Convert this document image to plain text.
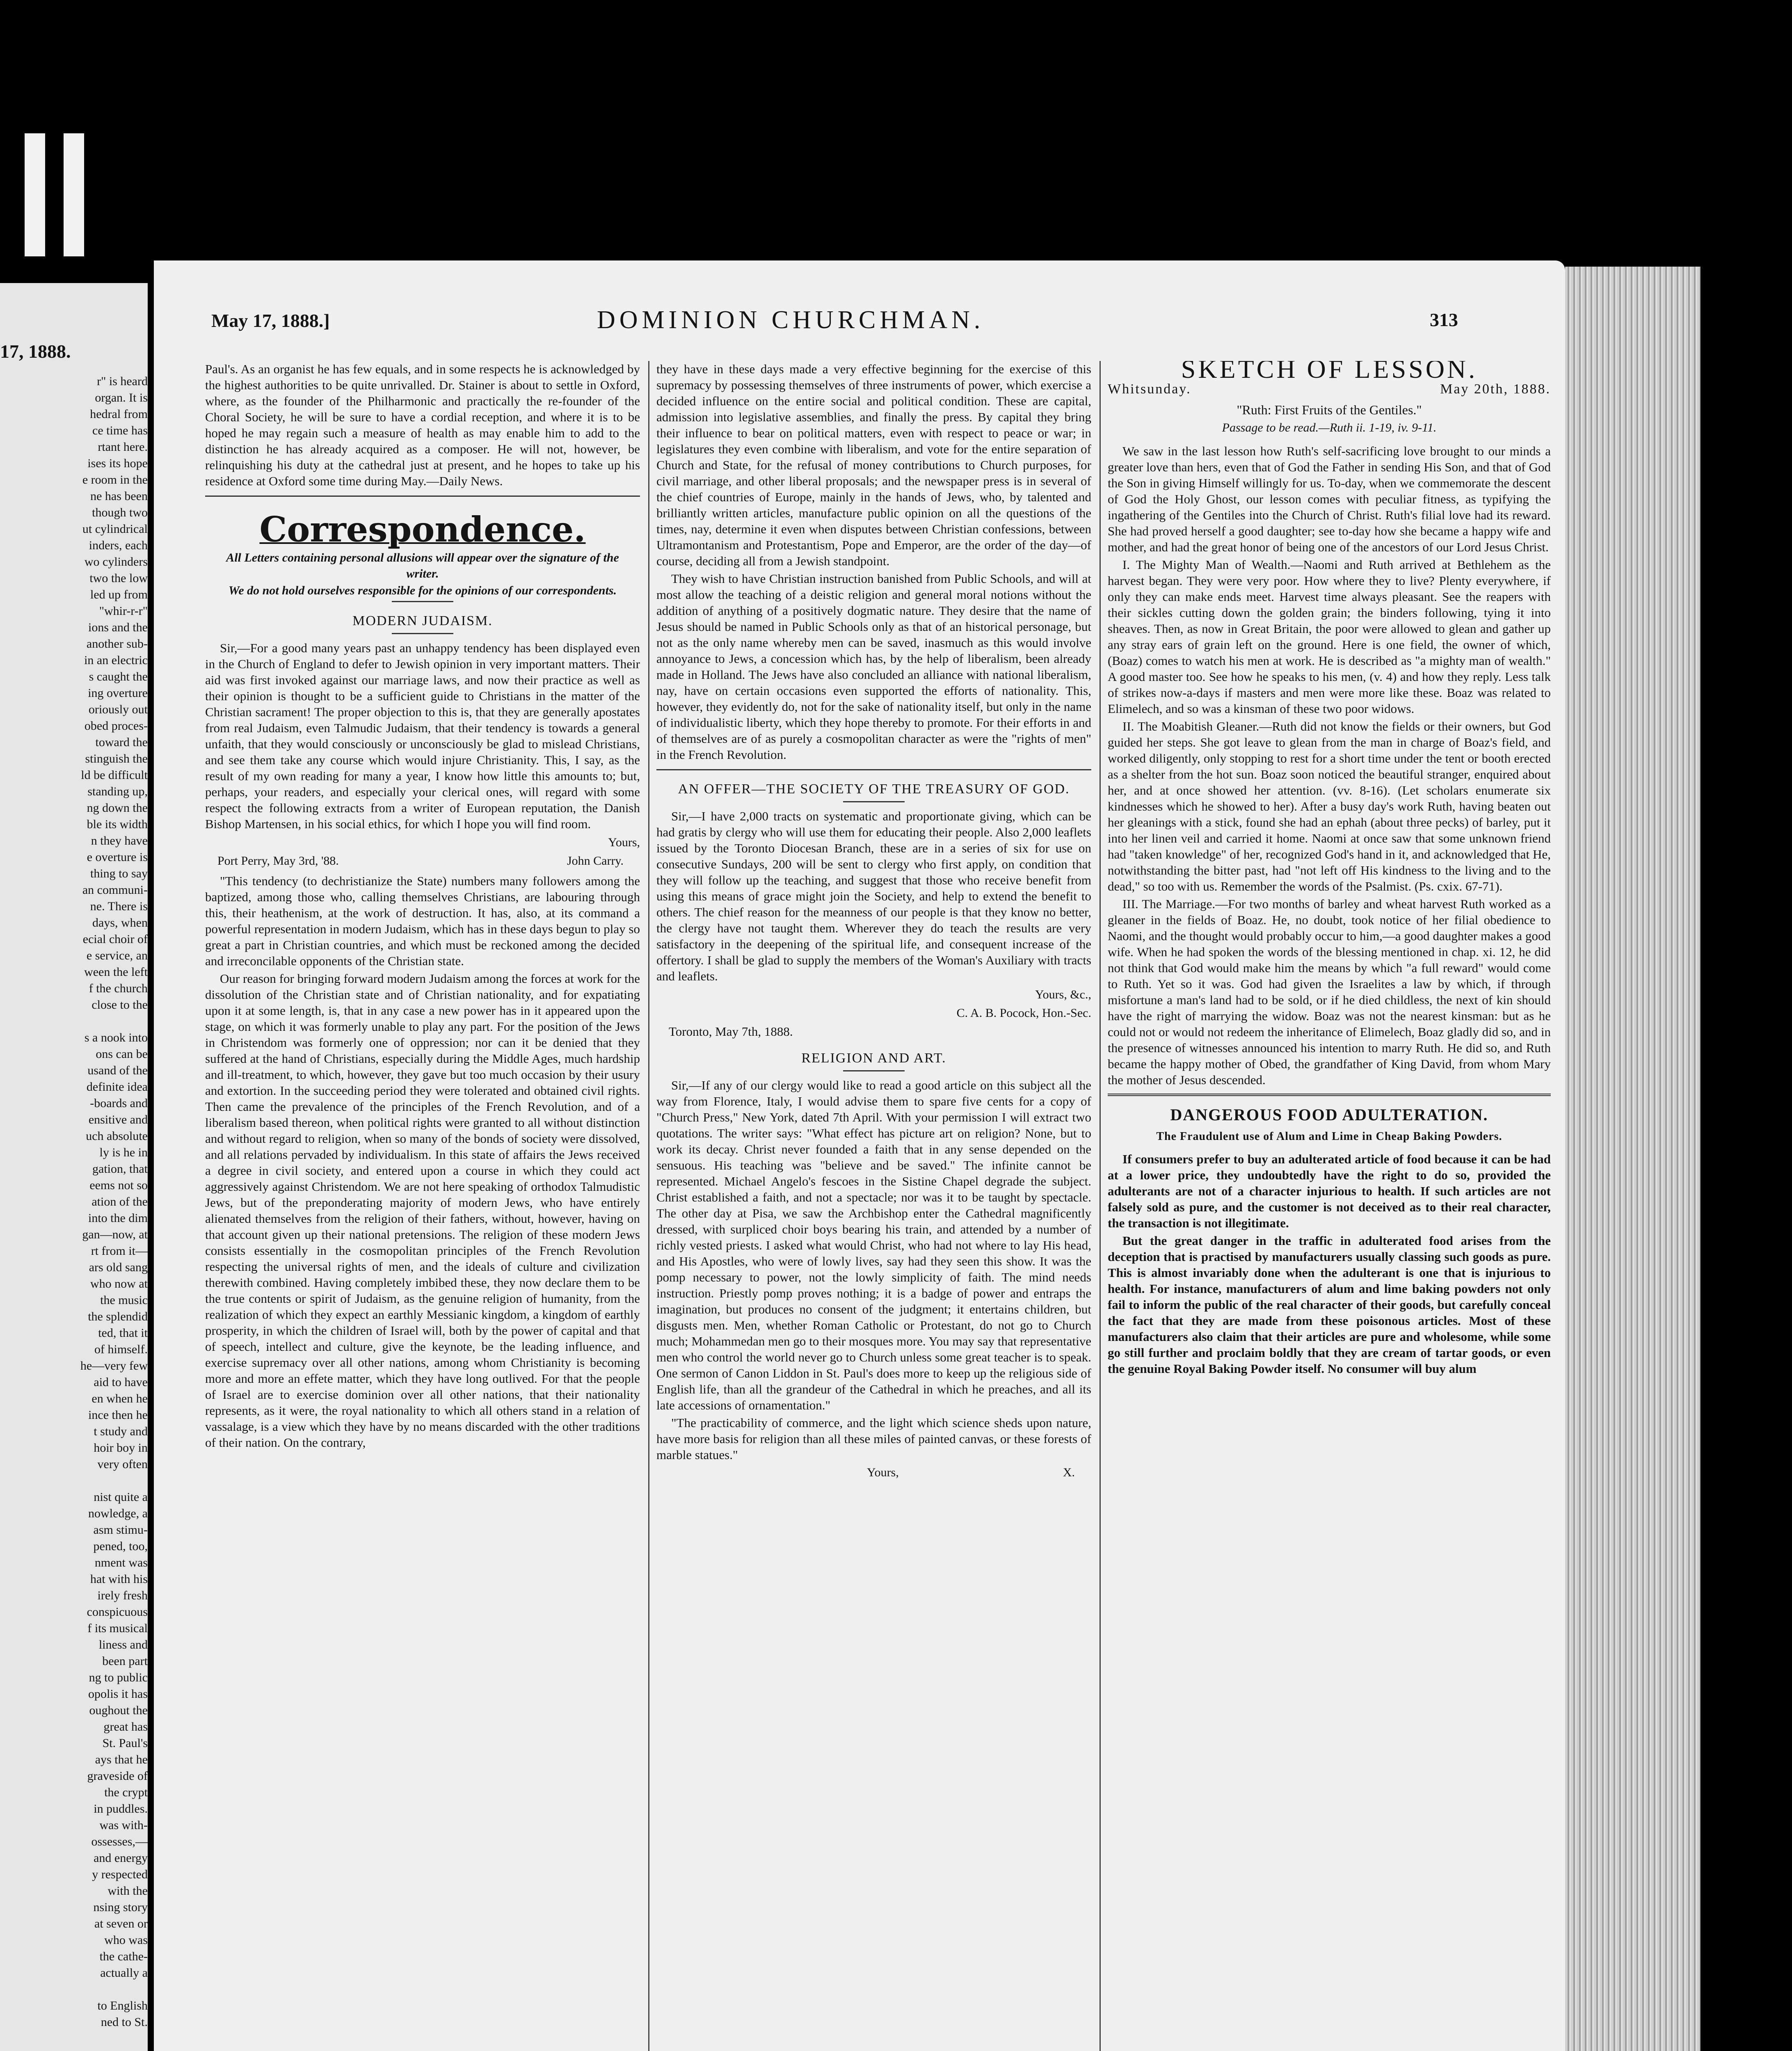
17, 1888.
r" is heard
organ. It is
hedral from
ce time has
rtant here.
ises its hope
e room in the
ne has been
though two
ut cylindrical
inders, each
wo cylinders
two the low
led up from
"whir-r-r"
ions and the
another sub-
in an electric
s caught the
ing overture
oriously out
obed proces-
toward the
stinguish the
ld be difficult
standing up,
ng down the
ble its width
n they have
e overture is
thing to say
an communi-
ne. There is
days, when
ecial choir of
e service, an
ween the left
f the church
close to the

s a nook into
ons can be
usand of the
definite idea
-boards and
ensitive and
uch absolute
ly is he in
gation, that
eems not so
ation of the
into the dim
gan—now, at
rt from it—
ars old sang
who now at
the music
the splendid
ted, that it
of himself.
he—very few
aid to have
en when he
ince then he
t study and
hoir boy in
very often

nist quite a
nowledge, a
asm stimu-
pened, too,
nment was
hat with his
irely fresh
conspicuous
f its musical
liness and
been part
ng to public
opolis it has
oughout the
great has
St. Paul's
ays that he
graveside of
the crypt
in puddles.
was with-
ossesses,—
and energy
y respected
with the
nsing story
at seven or
who was
the cathe-
actually a

to English
ned to St.
May 17, 1888.]	DOMINION CHURCHMAN.	313

Paul's. As an organist he has few equals, and in some respects he is acknowledged by the highest authorities to be quite unrivalled. Dr. Stainer is about to settle in Oxford, where, as the founder of the Philharmonic and practically the re-founder of the Choral Society, he will be sure to have a cordial reception, and where it is to be hoped he may regain such a measure of health as may enable him to add to the distinction he has already acquired as a composer. He will not, however, be relinquishing his duty at the cathedral just at present, and he hopes to take up his residence at Oxford some time during May.—Daily News.

Correspondence.
All Letters containing personal allusions will appear over the signature of the writer.
We do not hold ourselves responsible for the opinions of our correspondents.
MODERN JUDAISM.

Sir,—For a good many years past an unhappy tendency has been displayed even in the Church of England to defer to Jewish opinion in very important matters. Their aid was first invoked against our marriage laws, and now their practice as well as their opinion is thought to be a sufficient guide to Christians in the matter of the Christian sacrament! The proper objection to this is, that they are generally apostates from real Judaism, even Talmudic Judaism, that their tendency is towards a general unfaith, that they would consciously or unconsciously be glad to mislead Christians, and see them take any course which would injure Christianity. This, I say, as the result of my own reading for many a year, I know how little this amounts to; but, perhaps, your readers, and especially your clerical ones, will regard with some respect the following extracts from a writer of European reputation, the Danish Bishop Martensen, in his social ethics, for which I hope you will find room.

Yours,
Port Perry, May 3rd, '88.	John Carry.

"This tendency (to dechristianize the State) numbers many followers among the baptized, among those who, calling themselves Christians, are labouring through this, their heathenism, at the work of destruction. It has, also, at its command a powerful representation in modern Judaism, which has in these days begun to play so great a part in Christian countries, and which must be reckoned among the decided and irreconcilable opponents of the Christian state.

Our reason for bringing forward modern Judaism among the forces at work for the dissolution of the Christian state and of Christian nationality, and for expatiating upon it at some length, is, that in any case a new power has in it appeared upon the stage, on which it was formerly unable to play any part. For the position of the Jews in Christendom was formerly one of oppression; nor can it be denied that they suffered at the hand of Christians, especially during the Middle Ages, much hardship and ill-treatment, to which, however, they gave but too much occasion by their usury and extortion. In the succeeding period they were tolerated and obtained civil rights. Then came the prevalence of the principles of the French Revolution, and of a liberalism based thereon, when political rights were granted to all without distinction and without regard to religion, when so many of the bonds of society were dissolved, and all relations pervaded by individualism. In this state of affairs the Jews received a degree in civil society, and entered upon a course in which they could act aggressively against Christendom. We are not here speaking of orthodox Talmudistic Jews, but of the preponderating majority of modern Jews, who have entirely alienated themselves from the religion of their fathers, without, however, having on that account given up their national pretensions. The religion of these modern Jews consists essentially in the cosmopolitan principles of the French Revolution respecting the universal rights of men, and the ideals of culture and civilization therewith combined. Having completely imbibed these, they now declare them to be the true contents or spirit of Judaism, as the genuine religion of humanity, from the realization of which they expect an earthly Messianic kingdom, a kingdom of earthly prosperity, in which the children of Israel will, both by the power of capital and that of speech, intellect and culture, give the keynote, be the leading influence, and exercise supremacy over all other nations, among whom Christianity is becoming more and more an effete matter, which they have long outlived. For that the people of Israel are to exercise dominion over all other nations, that their nationality represents, as it were, the royal nationality to which all others stand in a relation of vassalage, is a view which they have by no means discarded with the other traditions of their nation. On the contrary,

they have in these days made a very effective beginning for the exercise of this supremacy by possessing themselves of three instruments of power, which exercise a decided influence on the entire social and political condition. These are capital, admission into legislative assemblies, and finally the press. By capital they bring their influence to bear on political matters, even with respect to peace or war; in legislatures they even combine with liberalism, and vote for the entire separation of Church and State, for the refusal of money contributions to Church purposes, for civil marriage, and other liberal proposals; and the newspaper press is in several of the chief countries of Europe, mainly in the hands of Jews, who, by talented and brilliantly written articles, manufacture public opinion on all the questions of the times, nay, determine it even when disputes between Christian confessions, between Ultramontanism and Protestantism, Pope and Emperor, are the order of the day—of course, deciding all from a Jewish standpoint.

They wish to have Christian instruction banished from Public Schools, and will at most allow the teaching of a deistic religion and general moral notions without the addition of anything of a positively dogmatic nature. They desire that the name of Jesus should be named in Public Schools only as that of an historical personage, but not as the only name whereby men can be saved, inasmuch as this would involve annoyance to Jews, a concession which has, by the help of liberalism, been already made in Holland. The Jews have also concluded an alliance with national liberalism, nay, have on certain occasions even supported the efforts of nationality. This, however, they evidently do, not for the sake of nationality itself, but only in the name of individualistic liberty, which they hope thereby to promote. For their efforts in and of themselves are of as purely a cosmopolitan character as were the "rights of men" in the French Revolution.

AN OFFER—THE SOCIETY OF THE TREASURY OF GOD.

Sir,—I have 2,000 tracts on systematic and proportionate giving, which can be had gratis by clergy who will use them for educating their people. Also 2,000 leaflets issued by the Toronto Diocesan Branch, these are in a series of six for use on consecutive Sundays, 200 will be sent to clergy who first apply, on condition that they will follow up the teaching, and suggest that those who receive benefit from using this means of grace might join the Society, and help to extend the benefit to others. The chief reason for the meanness of our people is that they know no better, the clergy have not taught them. Wherever they do teach the results are very satisfactory in the deepening of the spiritual life, and consequent increase of the offertory. I shall be glad to supply the members of the Woman's Auxiliary with tracts and leaflets.

Yours, &c.,
C. A. B. Pocock, Hon.-Sec.

Toronto, May 7th, 1888.

RELIGION AND ART.

Sir,—If any of our clergy would like to read a good article on this subject all the way from Florence, Italy, I would advise them to spare five cents for a copy of "Church Press," New York, dated 7th April. With your permission I will extract two quotations. The writer says: "What effect has picture art on religion? None, but to work its decay. Christ never founded a faith that in any sense depended on the sensuous. His teaching was "believe and be saved." The infinite cannot be represented. Michael Angelo's fescoes in the Sistine Chapel degrade the subject. Christ established a faith, and not a spectacle; nor was it to be taught by spectacle. The other day at Pisa, we saw the Archbishop enter the Cathedral magnificently dressed, with surpliced choir boys bearing his train, and attended by a number of richly vested priests. I asked what would Christ, who had not where to lay His head, and His Apostles, who were of lowly lives, say had they seen this show. It was the pomp necessary to power, not the lowly simplicity of faith. The mind needs instruction. Priestly pomp proves nothing; it is a badge of power and entraps the imagination, but produces no consent of the judgment; it entertains children, but disgusts men. Men, whether Roman Catholic or Protestant, do not go to Church much; Mohammedan men go to their mosques more. You may say that representative men who control the world never go to Church unless some great teacher is to speak. One sermon of Canon Liddon in St. Paul's does more to keep up the religious side of English life, than all the grandeur of the Cathedral in which he preaches, and all its late accessions of ornamentation."

"The practicability of commerce, and the light which science sheds upon nature, have more basis for religion than all these miles of painted canvas, or these forests of marble statues."

Yours,	X.
SKETCH OF LESSON.
Whitsunday.	May 20th, 1888.
"Ruth: First Fruits of the Gentiles."
Passage to be read.—Ruth ii. 1-19, iv. 9-11.

We saw in the last lesson how Ruth's self-sacrificing love brought to our minds a greater love than hers, even that of God the Father in sending His Son, and that of God the Son in giving Himself willingly for us. To-day, when we commemorate the descent of God the Holy Ghost, our lesson comes with peculiar fitness, as typifying the ingathering of the Gentiles into the Church of Christ. Ruth's filial love had its reward. She had proved herself a good daughter; see to-day how she became a happy wife and mother, and had the great honor of being one of the ancestors of our Lord Jesus Christ.

I. The Mighty Man of Wealth.—Naomi and Ruth arrived at Bethlehem as the harvest began. They were very poor. How where they to live? Plenty everywhere, if only they can make ends meet. Harvest time always pleasant. See the reapers with their sickles cutting down the golden grain; the binders following, tying it into sheaves. Then, as now in Great Britain, the poor were allowed to glean and gather up any stray ears of grain left on the ground. Here is one field, the owner of which, (Boaz) comes to watch his men at work. He is described as "a mighty man of wealth." A good master too. See how he speaks to his men, (v. 4) and how they reply. Less talk of strikes now-a-days if masters and men were more like these. Boaz was related to Elimelech, and so was a kinsman of these two poor widows.

II. The Moabitish Gleaner.—Ruth did not know the fields or their owners, but God guided her steps. She got leave to glean from the man in charge of Boaz's field, and worked diligently, only stopping to rest for a short time under the tent or booth erected as a shelter from the hot sun. Boaz soon noticed the beautiful stranger, enquired about her, and at once showed her attention. (vv. 8-16). (Let scholars enumerate six kindnesses which he showed to her). After a busy day's work Ruth, having beaten out her gleanings with a stick, found she had an ephah (about three pecks) of barley, put it into her linen veil and carried it home. Naomi at once saw that some unknown friend had "taken knowledge" of her, recognized God's hand in it, and acknowledged that He, notwithstanding the bitter past, had "not left off His kindness to the living and to the dead," so too with us. Remember the words of the Psalmist. (Ps. cxix. 67-71).

III. The Marriage.—For two months of barley and wheat harvest Ruth worked as a gleaner in the fields of Boaz. He, no doubt, took notice of her filial obedience to Naomi, and the thought would probably occur to him,—a good daughter makes a good wife. When he had spoken the words of the blessing mentioned in chap. xi. 12, he did not think that God would make him the means by which "a full reward" would come to Ruth. Yet so it was. God had given the Israelites a law by which, if through misfortune a man's land had to be sold, or if he died childless, the next of kin should have the right of marrying the widow. Boaz was not the nearest kinsman: but as he could not or would not redeem the inheritance of Elimelech, Boaz gladly did so, and in the presence of witnesses announced his intention to marry Ruth. He did so, and Ruth became the happy mother of Obed, the grandfather of King David, from whom Mary the mother of Jesus descended.

DANGEROUS FOOD ADULTERATION.
The Fraudulent use of Alum and Lime in Cheap Baking Powders.

If consumers prefer to buy an adulterated article of food because it can be had at a lower price, they undoubtedly have the right to do so, provided the adulterants are not of a character injurious to health. If such articles are not falsely sold as pure, and the customer is not deceived as to their real character, the transaction is not illegitimate.

But the great danger in the traffic in adulterated food arises from the deception that is practised by manufacturers usually classing such goods as pure. This is almost invariably done when the adulterant is one that is injurious to health. For instance, manufacturers of alum and lime baking powders not only fail to inform the public of the real character of their goods, but carefully conceal the fact that they are made from these poisonous articles. Most of these manufacturers also claim that their articles are pure and wholesome, while some go still further and proclaim boldly that they are cream of tartar goods, or even the genuine Royal Baking Powder itself. No consumer will buy alum
